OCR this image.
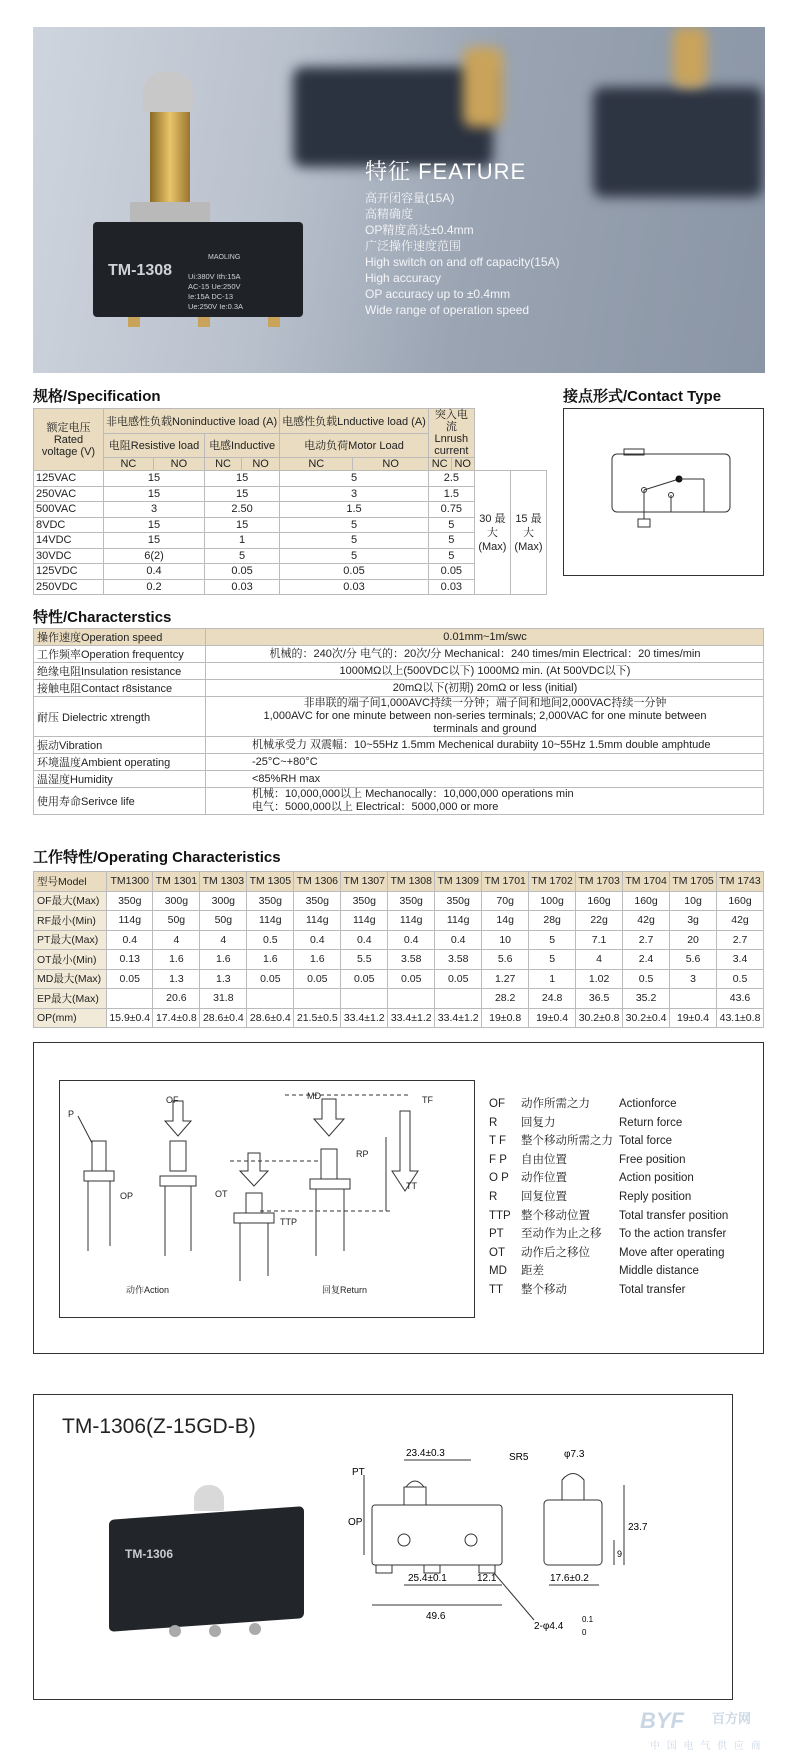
TM-1308
MAOLING
Ui:380V Ith:15A
AC-15 Ue:250V
Ie:15A DC-13
Ue:250V Ie:0.3A
特征 FEATURE
高开闭容量(15A)
高精确度
OP精度高达±0.4mm
广泛操作速度范围
High switch on and off capacity(15A)
High accuracy
OP accuracy up to ±0.4mm
Wide range of operation speed
规格/Specification
额定电压 Rated voltage (V)	非电感性负载Noninductive load (A)				电感性负载Lnductive load (A)		突入电流 Lnrush current			
	电阻Resistive load		电感Inductive		电动负荷Motor Load					
	NC	NO	NC	NO	NC	NO	NC	NO		
125VAC	15		15		5		2.5		30 最大 (Max)	15 最大 (Max)
250VAC	15		15		3		1.5			
500VAC	3		2.50		1.5		0.75			
8VDC	15		15		5		5			
14VDC	15		1		5		5			
30VDC	6(2)		5		5		5			
125VDC	0.4		0.05		0.05		0.05			
250VDC	0.2		0.03		0.03		0.03			
接点形式/Contact Type
特性/Characterstics
操作速度Operation speed	0.01mm~1m/swc
工作频率Operation frequentcy	机械的：240次/分 电气的：20次/分 Mechanical：240 times/min Electrical：20 times/min
绝缘电阻Insulation resistance	1000MΩ以上(500VDC以下) 1000MΩ min. (At 500VDC以下)
接触电阻Contact r8sistance	20mΩ以下(初期) 20mΩ or less (initial)
耐压 Dielectric xtrength	非串联的端子间1,000AVC持续一分钟；端子间和地间2,000VAC持续一分钟
1,000AVC for one minute between non-series terminals; 2,000VAC for one minute between
terminals and ground
振动Vibration	机械承受力 双震幅：10~55Hz 1.5mm Mechenical durabiity 10~55Hz 1.5mm double amphtude
环境温度Ambient operating	-25°C~+80°C
温湿度Humidity	<85%RH max
使用寿命Serivce life	机械：10,000,000以上 Mechanocally：10,000,000 operations min
电气：5000,000以上 Electrical：5000,000 or more
工作特性/Operating Characteristics
型号Model	TM1300	TM 1301	TM 1303	TM 1305	TM 1306	TM 1307	TM 1308	TM 1309	TM 1701	TM 1702	TM 1703	TM 1704	TM 1705	TM 1743
OF最大(Max)	350g	300g	300g	350g	350g	350g	350g	350g	70g	100g	160g	160g	10g	160g
RF最小(Min)	114g	50g	50g	114g	114g	114g	114g	114g	14g	28g	22g	42g	3g	42g
PT最大(Max)	0.4	4	4	0.5	0.4	0.4	0.4	0.4	10	5	7.1	2.7	20	2.7
OT最小(Min)	0.13	1.6	1.6	1.6	1.6	5.5	3.58	3.58	5.6	5	4	2.4	5.6	3.4
MD最大(Max)	0.05	1.3	1.3	0.05	0.05	0.05	0.05	0.05	1.27	1	1.02	0.5	3	0.5
EP最大(Max)		20.6	31.8						28.2	24.8	36.5	35.2		43.6
OP(mm)	15.9±0.4	17.4±0.8	28.6±0.4	28.6±0.4	21.5±0.5	33.4±1.2	33.4±1.2	33.4±1.2	19±0.8	19±0.4	30.2±0.8	30.2±0.4	19±0.4	43.1±0.8
P
OF	MD	TF
RP
OP	OT
TT
TTP
动作Action	回复Return
OF 动作所需之力	Actionforce
R 回复力	Return force
T F 整个移动所需之力 Total force
F P 自由位置	Free position
O P 动作位置	Action position
R 回复位置	Reply position
TTP 整个移动位置	Total transfer position
PT 至动作为止之移 To the action transfer
OT 动作后之移位	Move after operating
MD 距差	Middle distance
TT 整个移动	Total transfer
TM-1306(Z-15GD-B)
TM-1306
23.4±0.3
PT
OP
SR5	φ7.3
23.7
9
25.4±0.1	12.1
49.6
17.6±0.2
2-φ4.4
0.1
0
BYF 百方网
中 国 电 气 供 应 商
